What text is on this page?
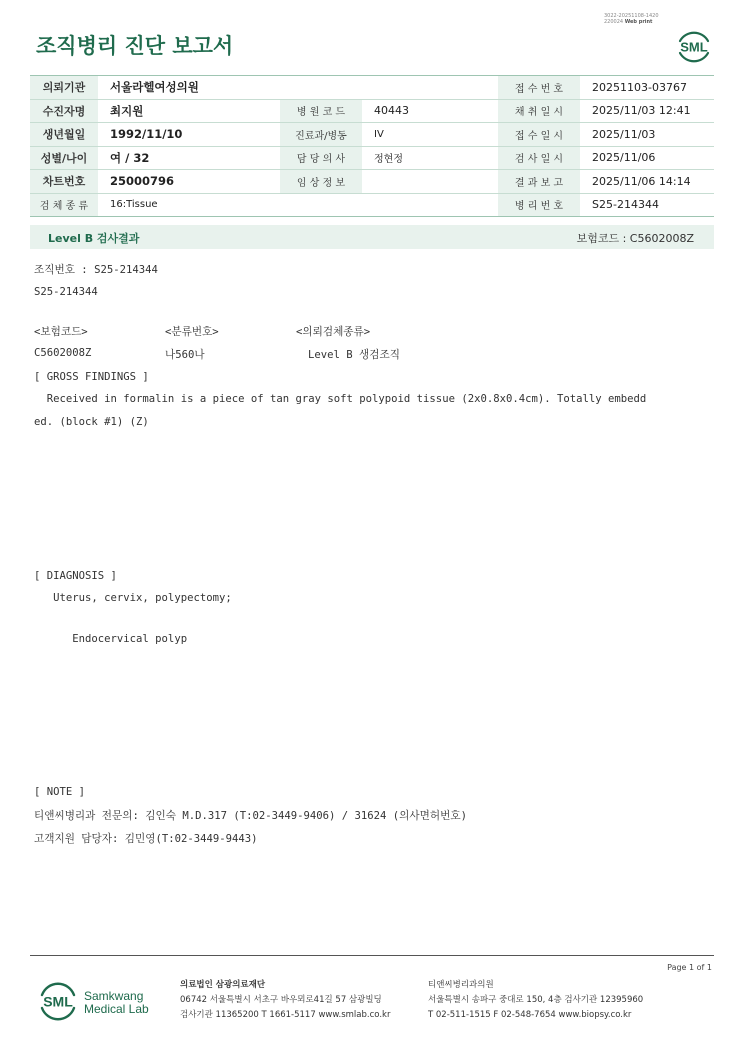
3022-20251108-1420
220024 Web print
조직병리 진단 보고서	SML
의뢰기관	서울라헬여성의원			접 수 번 호	20251103-03767
수진자명	최지원	병 원 코 드	40443	채 취 일 시	2025/11/03 12:41
생년월일	1992/11/10	진료과/병동	IV	접 수 일 시	2025/11/03
성별/나이	여 / 32	담 당 의 사	정현정	검 사 일 시	2025/11/06
차트번호	25000796	임 상 정 보		결 과 보 고	2025/11/06 14:14
검 체 종 류	16:Tissue			병 리 번 호	S25-214344
Level B 검사결과	보험코드 : C5602008Z
조직번호 : S25-214344
S25-214344
<보험코드>	<분류번호>	<의뢰검체종류>
C5602008Z	나560나	Level B 생검조직
[ GROSS FINDINGS ]
Received in formalin is a piece of tan gray soft polypoid tissue (2x0.8x0.4cm). Totally embedd
ed. (block #1) (Z)
[ DIAGNOSIS ]
Uterus, cervix, polypectomy;
Endocervical polyp
[ NOTE ]
티앤씨병리과 전문의: 김인숙 M.D.317 (T:02-3449-9406) / 31624 (의사면허번호)
고객지원 담당자: 김민영(T:02-3449-9443)
Page 1 of 1
SML Samkwang
Medical Lab
의료법인 삼광의료재단
06742 서울특별시 서초구 바우뫼로41길 57 삼광빌딩
검사기관 11365200 T 1661-5117 www.smlab.co.kr
티앤씨병리과의원
서울특별시 송파구 중대로 150, 4층 검사기관 12395960
T 02-511-1515 F 02-548-7654 www.biopsy.co.kr
